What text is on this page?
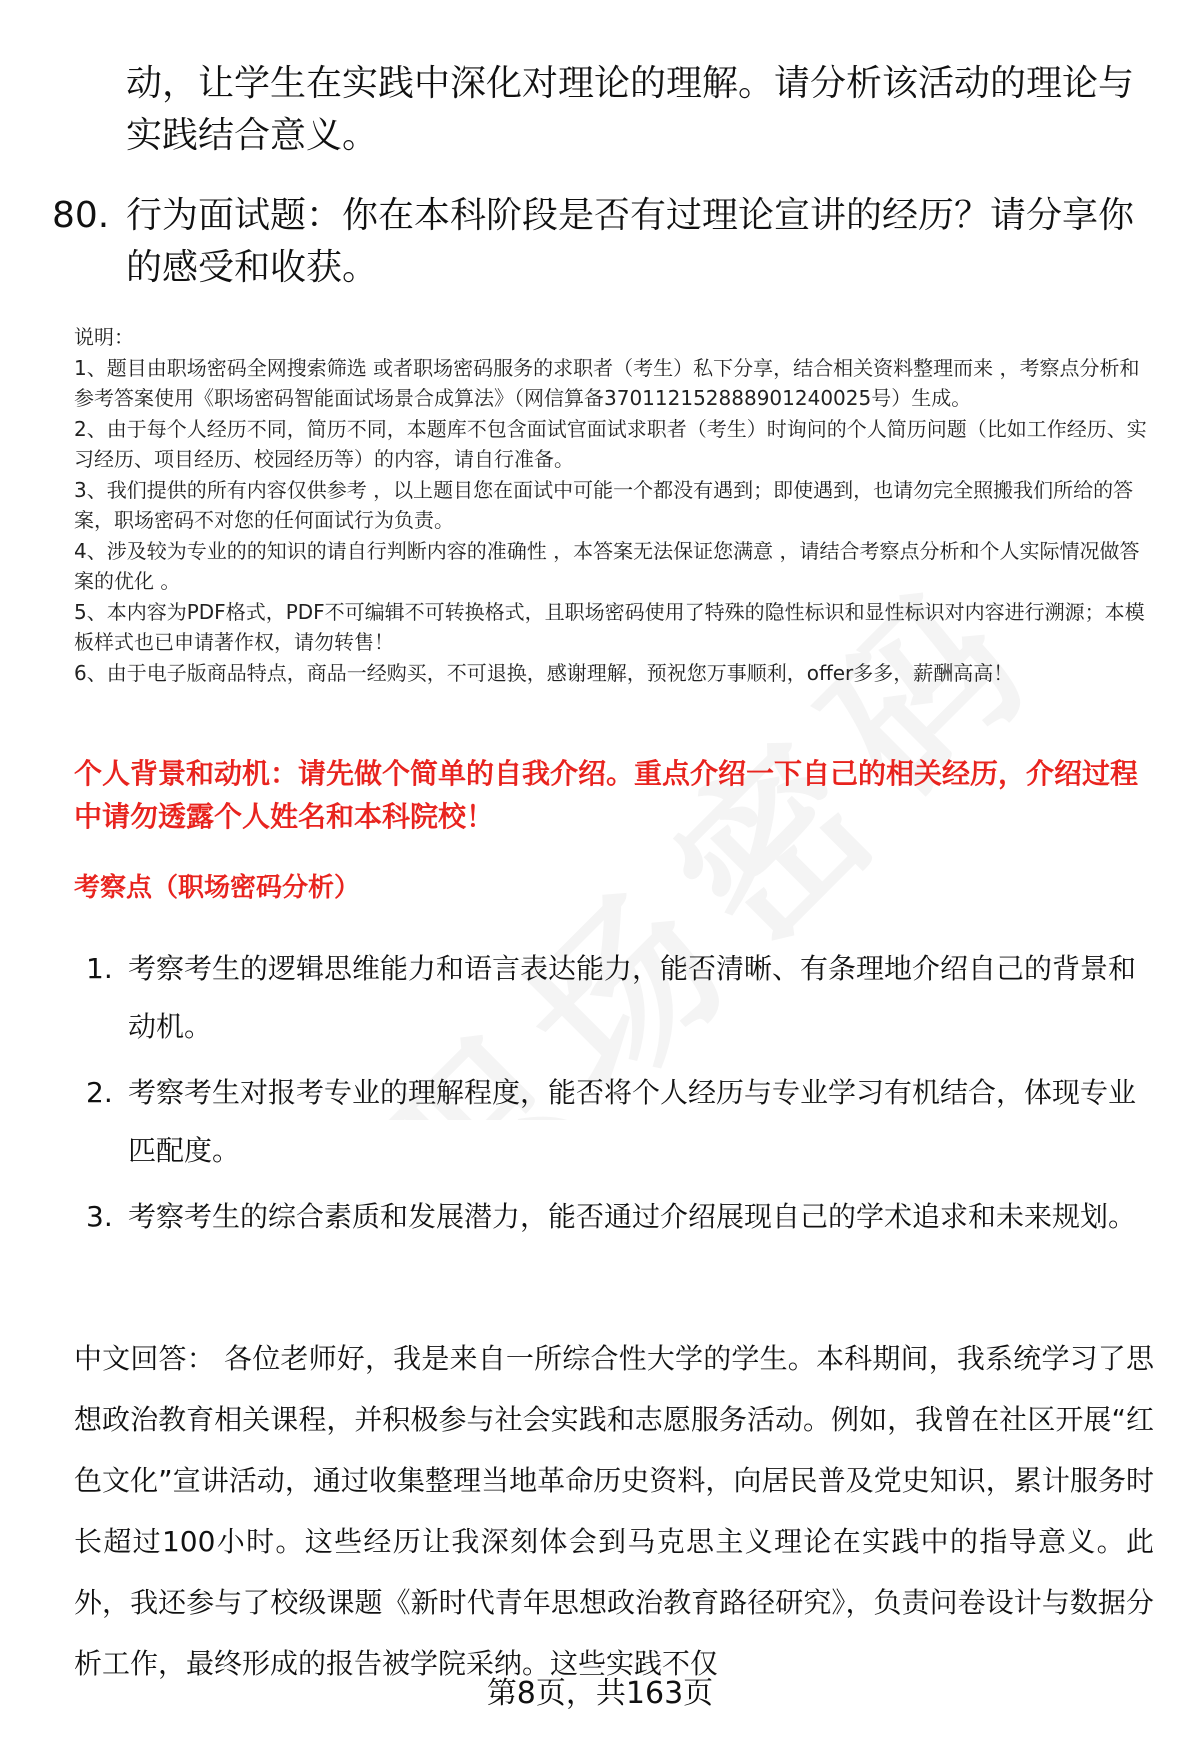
动，让学生在实践中深化对理论的理解。请分析该活动的理论与实践结合意义。
80. 行为面试题：你在本科阶段是否有过理论宣讲的经历？请分享你的感受和收获。
说明：
1、题目由职场密码全网搜索筛选 或者职场密码服务的求职者（考生）私下分享，结合相关资料整理而来 ，考察点分析和参考答案使用《职场密码智能面试场景合成算法》（网信算备370112152888901240025号）生成。
2、由于每个人经历不同，简历不同，本题库不包含面试官面试求职者（考生）时询问的个人简历问题（比如工作经历、实习经历、项目经历、校园经历等）的内容，请自行准备。
3、我们提供的所有内容仅供参考 ，以上题目您在面试中可能一个都没有遇到；即使遇到，也请勿完全照搬我们所给的答案，职场密码不对您的任何面试行为负责。
4、涉及较为专业的的知识的请自行判断内容的准确性 ，本答案无法保证您满意 ，请结合考察点分析和个人实际情况做答案的优化 。
5、本内容为PDF格式，PDF不可编辑不可转换格式，且职场密码使用了特殊的隐性标识和显性标识对内容进行溯源；本模板样式也已申请著作权，请勿转售！
6、由于电子版商品特点，商品一经购买，不可退换，感谢理解，预祝您万事顺利，offer多多，薪酬高高！
个人背景和动机：请先做个简单的自我介绍。重点介绍一下自己的相关经历，介绍过程中请勿透露个人姓名和本科院校！
考察点（职场密码分析）
1. 考察考生的逻辑思维能力和语言表达能力，能否清晰、有条理地介绍自己的背景和动机。
2. 考察考生对报考专业的理解程度，能否将个人经历与专业学习有机结合，体现专业匹配度。
3. 考察考生的综合素质和发展潜力，能否通过介绍展现自己的学术追求和未来规划。
中文回答： 各位老师好，我是来自一所综合性大学的学生。本科期间，我系统学习了思想政治教育相关课程，并积极参与社会实践和志愿服务活动。例如，我曾在社区开展“红色文化”宣讲活动，通过收集整理当地革命历史资料，向居民普及党史知识，累计服务时长超过100小时。这些经历让我深刻体会到马克思主义理论在实践中的指导意义。此外，我还参与了校级课题《新时代青年思想政治教育路径研究》，负责问卷设计与数据分析工作，最终形成的报告被学院采纳。这些实践不仅
第8页，共163页
